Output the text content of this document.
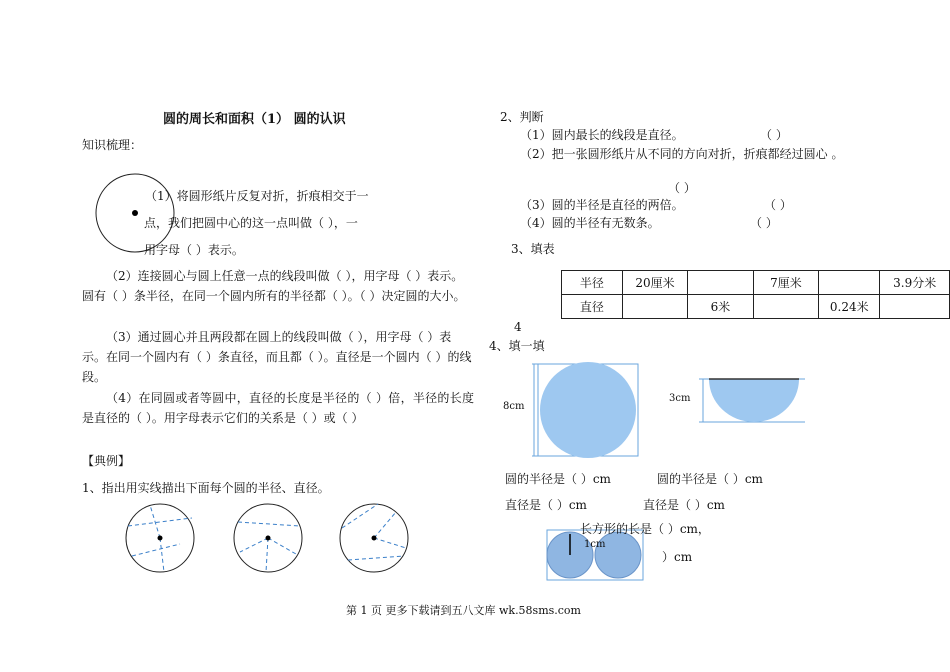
圆的周长和面积（1） 圆的认识
知识梳理：
（1）将圆形纸片反复对折，折痕相交于一
点，我们把圆中心的这一点叫做（ ），一
用字母（ ）表示。
（2）连接圆心与圆上任意一点的线段叫做（ ），用字母（ ）表示。圆有（ ）条半径，在同一个圆内所有的半径都（ ）。（ ）决定圆的大小。
（3）通过圆心并且两段都在圆上的线段叫做（ ），用字母（ ）表示。在同一个圆内有（ ）条直径，而且都（ ）。直径是一个圆内（ ）的线段。
（4）在同圆或者等圆中，直径的长度是半径的（ ）倍，半径的长度是直径的（ ）。用字母表示它们的关系是（ ）或（ ）
【典例】
1、指出用实线描出下面每个圆的半径、直径。
2、判断
（1）圆内最长的线段是直径。	（ ）
（2）把一张圆形纸片从不同的方向对折，折痕都经过圆心 。
（ ）
（3）圆的半径是直径的两倍。	（ ）
（4）圆的半径有无数条。	（ ）
3、填表
半径	20厘米		7厘米		3.9分米
直径		6米		0.24米	
4
4、填一填
8cm
3cm
圆的半径是（ ）cm	圆的半径是（ ）cm
直径是（ ）cm	直径是（ ）cm
1cm
长方形的长是（ ）cm，
）cm
第 1 页 更多下载请到五八文库 wk.58sms.com
